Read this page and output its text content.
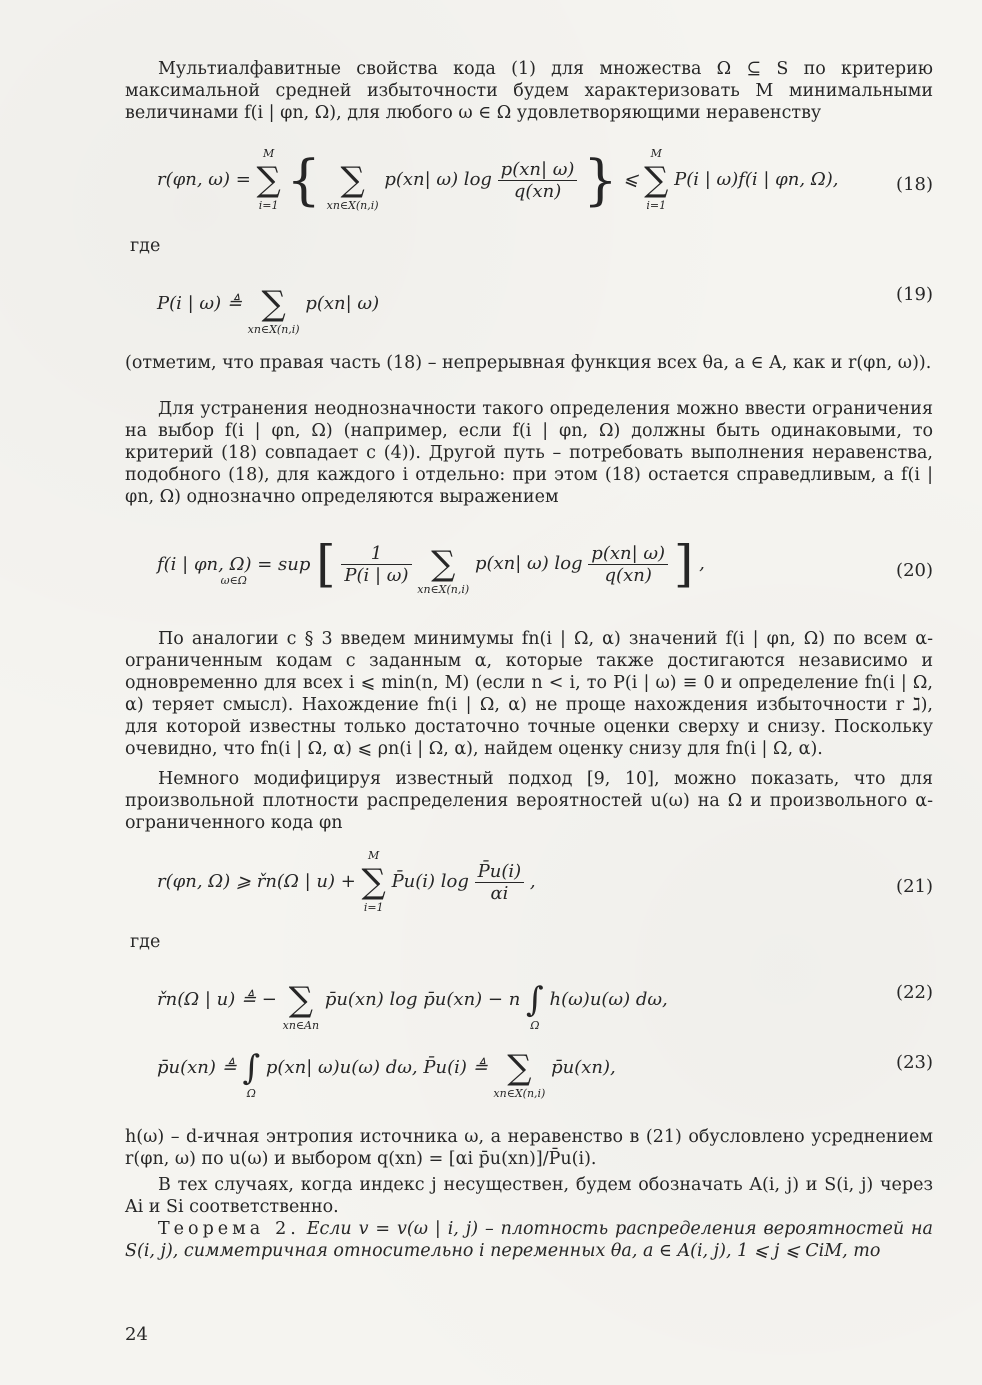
Мультиалфавитные свойства кода (1) для множества Ω ⊆ S по критерию максимальной средней избыточности будем характеризовать M минимальными величинами f(i | φn, Ω), для любого ω ∈ Ω удовлетворяющими неравенству

r(φn, ω) =
M
∑
i=1 {
∑
xn∈X(n,i)
p(xn| ω) $\log \frac{p(xn| \omega)}{q(xn)}$ } ⩽
M
∑
i=1
P(i | ω)f(i | φn, Ω),	(18)
где
P(i | ω) ≜
∑
xn∈X(n,i)
p(xn| ω)	(19)

(отметим, что правая часть (18) – непрерывная функция всех θa, a ∈ A, как и r(φn, ω)).

Для устранения неоднозначности такого определения можно ввести ограничения на выбор f(i | φn, Ω) (например, если f(i | φn, Ω) должны быть одинаковыми, то критерий (18) совпадает с (4)). Другой путь – потребовать выполнения неравенства, подобного (18), для каждого i отдельно: при этом (18) остается справедливым, а f(i | φn, Ω) однозначно определяются выражением

f(i | φn, Ω) = sup
ω∈Ω	[ $\frac{1}{P(i | \omega)}$

∑
xn∈X(n,i)
p(xn| ω) $\log \frac{p(xn| \omega)}{q(xn)}$ ] ,	(20)

По аналогии с § 3 введем минимумы fn(i | Ω, α) значений f(i | φn, Ω) по всем α-ограниченным кодам с заданным α, которые также достигаются независимо и одновременно для всех i ⩽ min(n, M) (если n < i, то P(i | ω) ≡ 0 и определение fn(i | Ω, α) теряет смысл). Нахождение fn(i | Ω, α) не проще нахождения избыточности r ℷ), для которой известны только достаточно точные оценки сверху и снизу. Поскольку очевидно, что fn(i | Ω, α) ⩽ ρn(i | Ω, α), найдем оценку снизу для fn(i | Ω, α).

Немного модифицируя известный подход [9, 10], можно показать, что для произвольной плотности распределения вероятностей u(ω) на Ω и произвольного α-ограниченного кода φn

r(φn, Ω) ⩾ řn(Ω | u) +
M
∑
i=1
P̄u(i) $\log \frac{P̄u(i)}{\alpha i}$ ,	(21)
где
řn(Ω | u) ≜ −
∑
xn∈An
p̄u(xn) log p̄u(xn) − n
∫
Ω
h(ω)u(ω) dω,	(22)
p̄u(xn) ≜
∫
Ω
p(xn| ω)u(ω) dω, P̄u(i) ≜
∑
xn∈X(n,i)
p̄u(xn),	(23)

h(ω) – d-ичная энтропия источника ω, а неравенство в (21) обусловлено усреднением r(φn, ω) по u(ω) и выбором q(xn) = [αi p̄u(xn)]/P̄u(i).

В тех случаях, когда индекс j несуществен, будем обозначать A(i, j) и S(i, j) через Ai и Si соответственно.

Теорема 2. Если v = v(ω | i, j) – плотность распределения вероятностей на S(i, j), симметричная относительно i переменных θa, a ∈ A(i, j), 1 ⩽ j ⩽ CiM, то

24
